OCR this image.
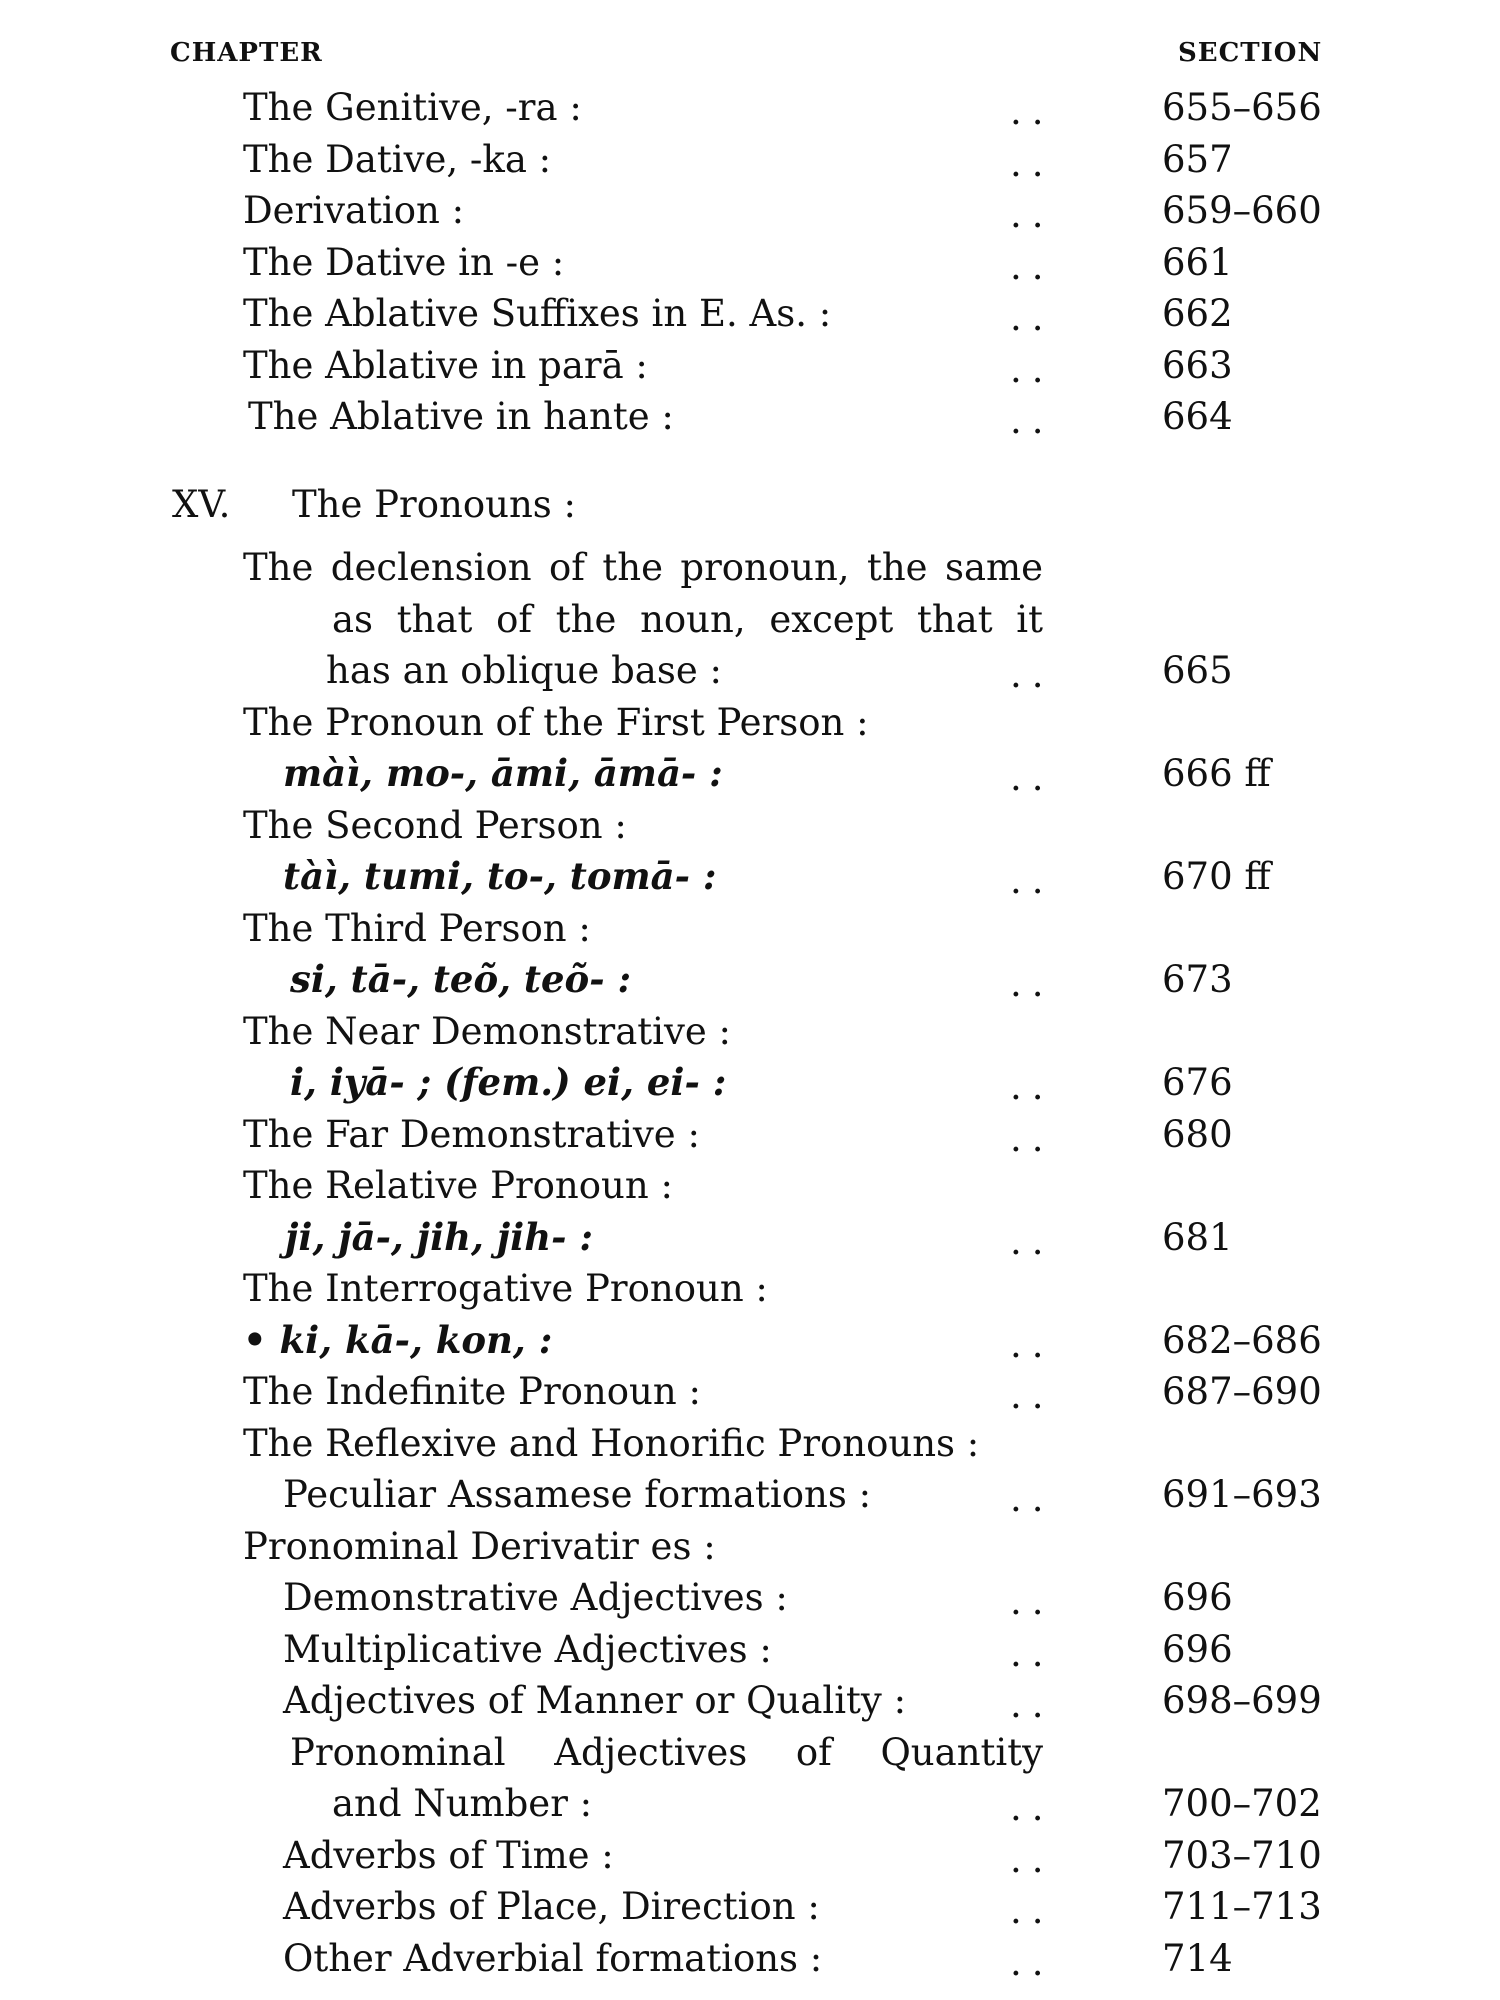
CHAPTER	SECTION
The Genitive, -ra :	..	655–656
The Dative, -ka :	..	657
Derivation :	..	659–660
The Dative in -e :	..	661
The Ablative Suffixes in E. As. :	..	662
The Ablative in parā :	..	663
The Ablative in hante :	..	664
XV. The Pronouns :
The declension of the pronoun, the same
as that of the noun, except that it
has an oblique base :	..	665
The Pronoun of the First Person :
màì, mo-, āmi, āmā- :	..	666 ff
The Second Person :
tàì, tumi, to-, tomā- :	..	670 ff
The Third Person :
si, tā-, teõ, teõ- :	..	673
The Near Demonstrative :
i, iyā- ; (fem.) ei, ei- :	..	676
The Far Demonstrative :	..	680
The Relative Pronoun :
ji, jā-, jih, jih- :	..	681
The Interrogative Pronoun :
• ki, kā-, kon, :	..	682–686
The Indefinite Pronoun :	..	687–690
The Reflexive and Honorific Pronouns :
Peculiar Assamese formations :	..	691–693
Pronominal Derivatir es :
Demonstrative Adjectives :	..	696
Multiplicative Adjectives :	..	696
Adjectives of Manner or Quality :	..	698–699
Pronominal Adjectives of Quantity
and Number :	..	700–702
Adverbs of Time :	..	703–710
Adverbs of Place, Direction :	..	711–713
Other Adverbial formations :	..	714
